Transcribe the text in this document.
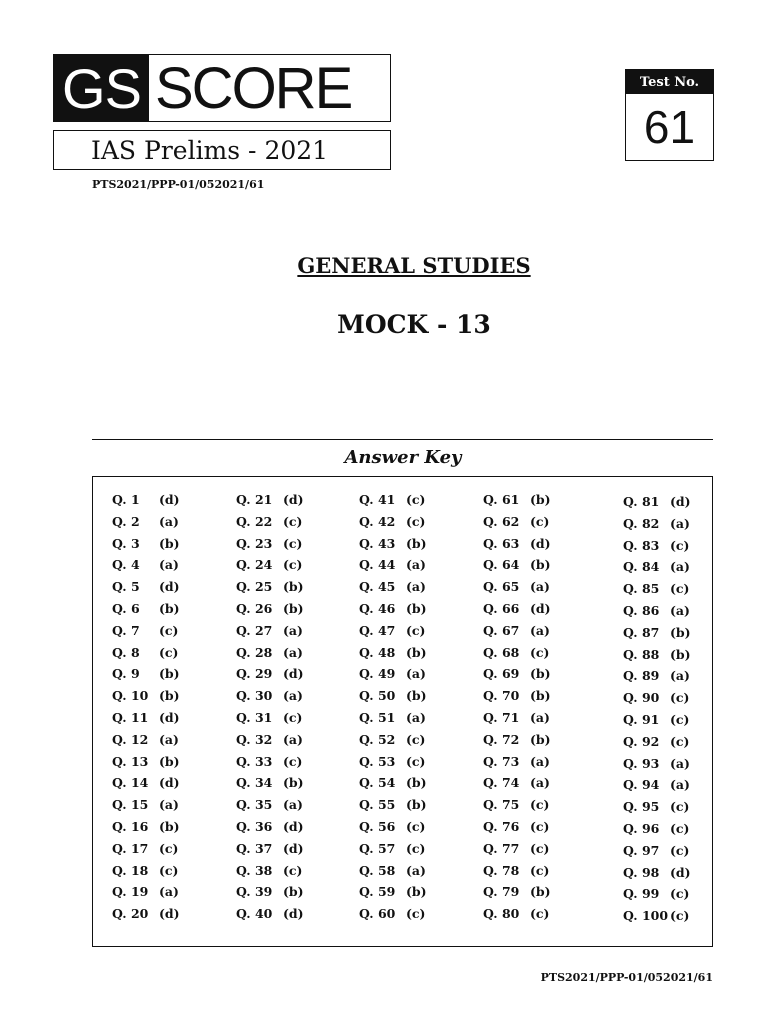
GS SCORE
IAS Prelims - 2021
PTS2021/PPP-01/052021/61
Test No.
61
GENERAL STUDIES
MOCK - 13
Answer Key
Q. 1 (d)
Q. 2 (a)
Q. 3 (b)
Q. 4 (a)
Q. 5 (d)
Q. 6 (b)
Q. 7 (c)
Q. 8 (c)
Q. 9 (b)
Q. 10 (b)
Q. 11 (d)
Q. 12 (a)
Q. 13 (b)
Q. 14 (d)
Q. 15 (a)
Q. 16 (b)
Q. 17 (c)
Q. 18 (c)
Q. 19 (a)
Q. 20 (d)
Q. 21 (d)
Q. 22 (c)
Q. 23 (c)
Q. 24 (c)
Q. 25 (b)
Q. 26 (b)
Q. 27 (a)
Q. 28 (a)
Q. 29 (d)
Q. 30 (a)
Q. 31 (c)
Q. 32 (a)
Q. 33 (c)
Q. 34 (b)
Q. 35 (a)
Q. 36 (d)
Q. 37 (d)
Q. 38 (c)
Q. 39 (b)
Q. 40 (d)
Q. 41 (c)
Q. 42 (c)
Q. 43 (b)
Q. 44 (a)
Q. 45 (a)
Q. 46 (b)
Q. 47 (c)
Q. 48 (b)
Q. 49 (a)
Q. 50 (b)
Q. 51 (a)
Q. 52 (c)
Q. 53 (c)
Q. 54 (b)
Q. 55 (b)
Q. 56 (c)
Q. 57 (c)
Q. 58 (a)
Q. 59 (b)
Q. 60 (c)
Q. 61 (b)
Q. 62 (c)
Q. 63 (d)
Q. 64 (b)
Q. 65 (a)
Q. 66 (d)
Q. 67 (a)
Q. 68 (c)
Q. 69 (b)
Q. 70 (b)
Q. 71 (a)
Q. 72 (b)
Q. 73 (a)
Q. 74 (a)
Q. 75 (c)
Q. 76 (c)
Q. 77 (c)
Q. 78 (c)
Q. 79 (b)
Q. 80 (c)
Q. 81 (d)
Q. 82 (a)
Q. 83 (c)
Q. 84 (a)
Q. 85 (c)
Q. 86 (a)
Q. 87 (b)
Q. 88 (b)
Q. 89 (a)
Q. 90 (c)
Q. 91 (c)
Q. 92 (c)
Q. 93 (a)
Q. 94 (a)
Q. 95 (c)
Q. 96 (c)
Q. 97 (c)
Q. 98 (d)
Q. 99 (c)
Q. 100 (c)
PTS2021/PPP-01/052021/61
